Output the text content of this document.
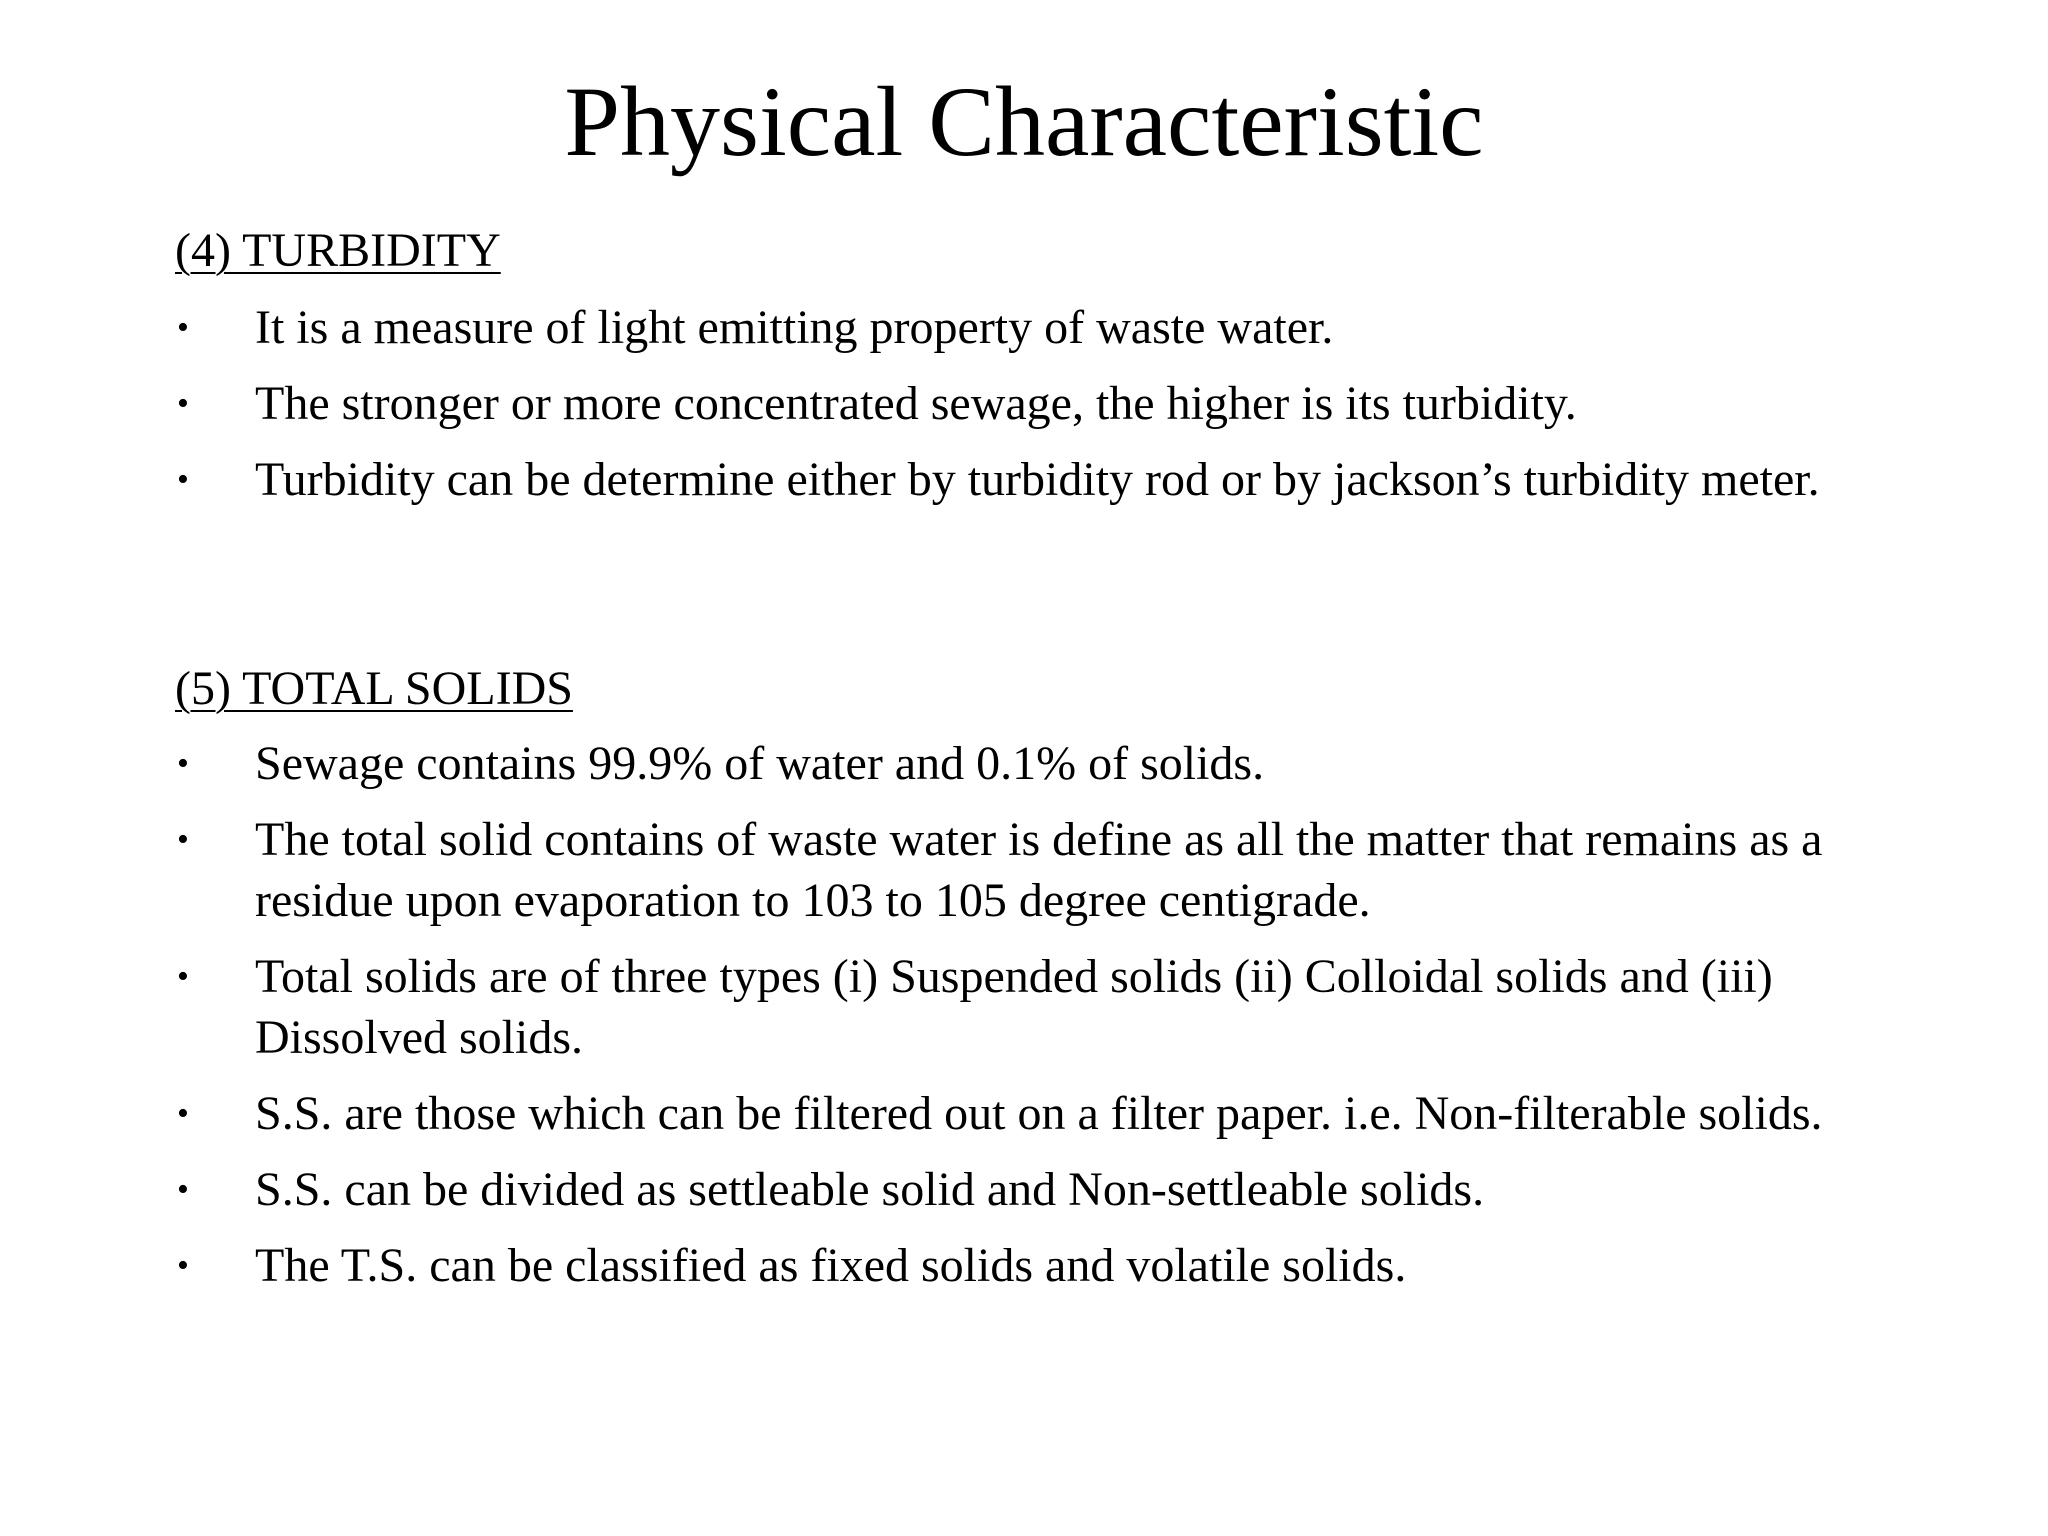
Physical Characteristic
(4) TURBIDITY
• It is a measure of light emitting property of waste water.
• The stronger or more concentrated sewage, the higher is its turbidity.
• Turbidity can be determine either by turbidity rod or by jackson’s turbidity meter.
(5) TOTAL SOLIDS
• Sewage contains 99.9% of water and 0.1% of solids.
• The total solid contains of waste water is define as all the matter that remains as a residue upon evaporation to 103 to 105 degree centigrade.
• Total solids are of three types (i) Suspended solids (ii) Colloidal solids and (iii) Dissolved solids.
• S.S. are those which can be filtered out on a filter paper. i.e. Non-filterable solids.
• S.S. can be divided as settleable solid and Non-settleable solids.
• The T.S. can be classified as fixed solids and volatile solids.
